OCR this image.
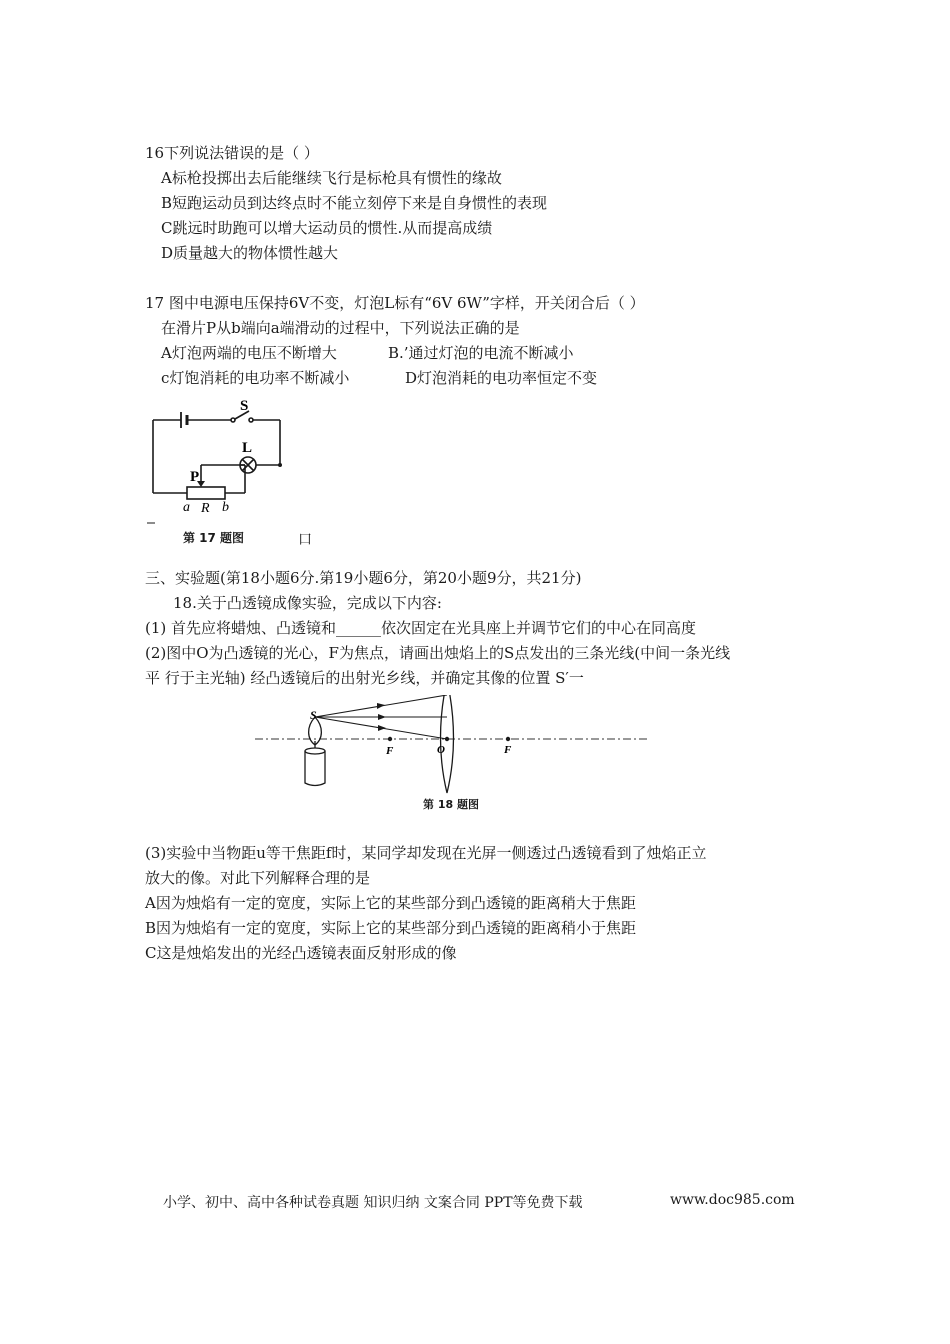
16下列说法错误的是（ ）
A标枪投掷出去后能继续飞行是标枪具有惯性的缘故
B短跑运动员到达终点时不能立刻停下来是自身惯性的表现
C跳远时助跑可以增大运动员的惯性.从而提高成绩
D质量越大的物体惯性越大
17 图中电源电压保持6V不变，灯泡L标有“6V 6W”字样，开关闭合后（ ）
在滑片P从b端向a端滑动的过程中，下列说法正确的是
A灯泡两端的电压不断增大	B.’通过灯泡的电流不断减小
c灯饱消耗的电功率不断减小	D灯泡消耗的电功率恒定不变
S
L
P
a R b
第 17 题图	口
三、实验题(第18小题6分.第19小题6分，第20小题9分，共21分)
18.关于凸透镜成像实验，完成以下内容:
(1) 首先应将蜡烛、凸透镜和______依次固定在光具座上并调节它们的中心在同高度
(2)图中O为凸透镜的光心，F为焦点，请画出烛焰上的S点发出的三条光线(中间一条光线
平 行于主光轴) 经凸透镜后的出射光乡线，并确定其像的位置 S′一
S
F	O	F
第 18 题图
(3)实验中当物距u等干焦距f时，某同学却发现在光屏一侧透过凸透镜看到了烛焰正立
放大的像。对此下列解释合理的是
A因为烛焰有一定的宽度，实际上它的某些部分到凸透镜的距离稍大于焦距
B因为烛焰有一定的宽度，实际上它的某些部分到凸透镜的距离稍小于焦距
C这是烛焰发出的光经凸透镜表面反射形成的像
小学、初中、高中各种试卷真题 知识归纳 文案合同 PPT等免费下载	www.doc985.com
